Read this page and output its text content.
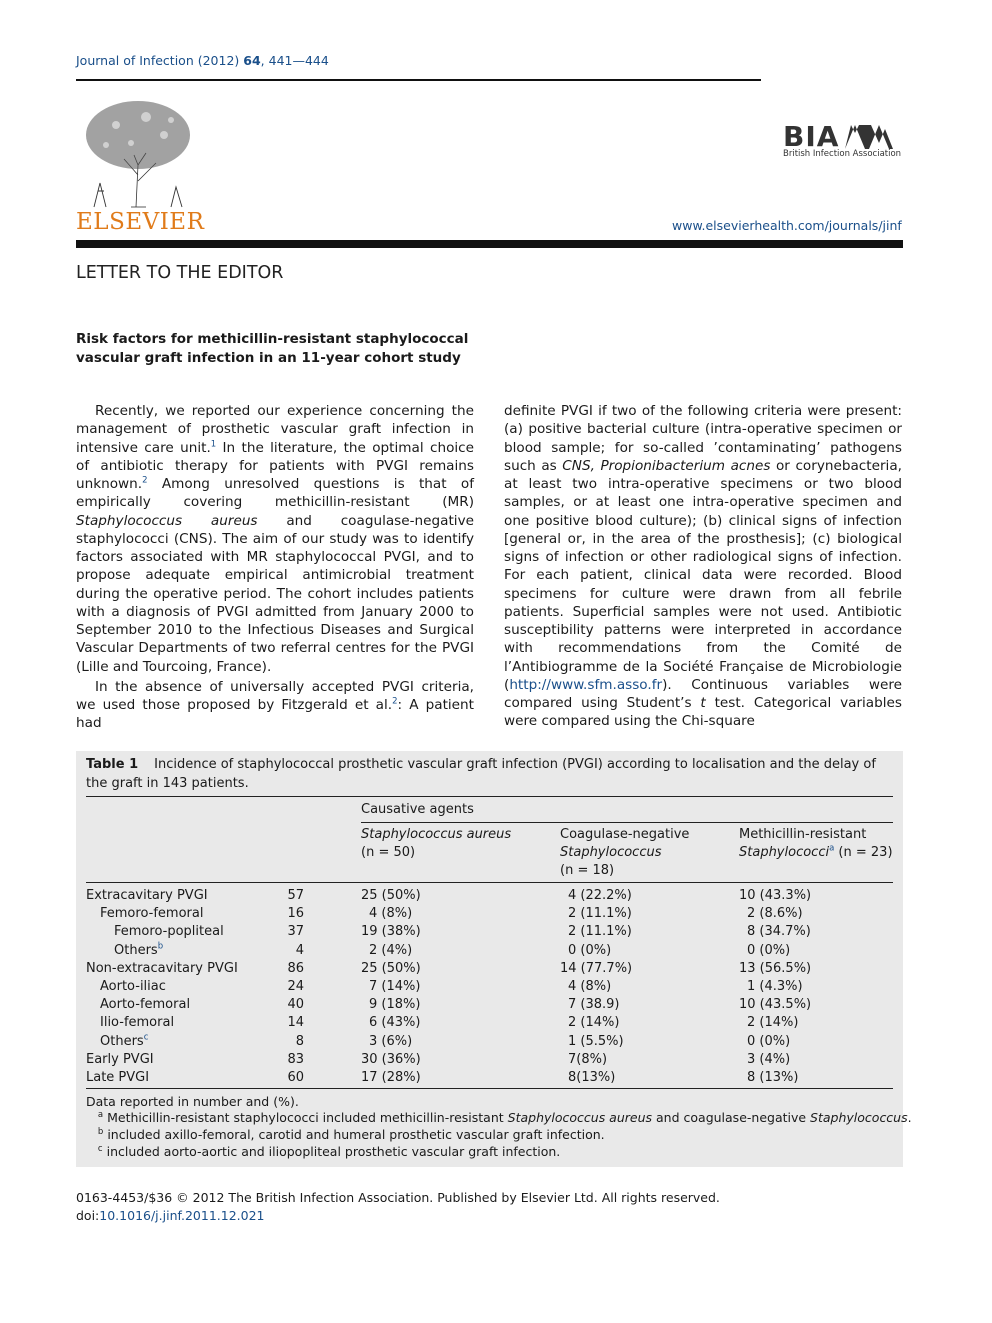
Journal of Infection (2012) 64, 441—444
ELSEVIER
BIA
British Infection Association
www.elsevierhealth.com/journals/jinf
LETTER TO THE EDITOR
Risk factors for methicillin-resistant staphylococcal vascular graft infection in an 11-year cohort study

Recently, we reported our experience concerning the management of prosthetic vascular graft infection in intensive care unit.$^1$ In the literature, the optimal choice of antibiotic therapy for patients with PVGI remains unknown.$^2$ Among unresolved questions is that of empirically covering methicillin-resistant (MR) Staphylococcus aureus and coagulase-negative staphylococci (CNS). The aim of our study was to identify factors associated with MR staphylococcal PVGI, and to propose adequate empirical antimicrobial treatment during the operative period. The cohort includes patients with a diagnosis of PVGI admitted from January 2000 to September 2010 to the Infectious Diseases and Surgical Vascular Departments of two referral centres for the PVGI (Lille and Tourcoing, France).

In the absence of universally accepted PVGI criteria, we used those proposed by Fitzgerald et al.$^2$: A patient had

definite PVGI if two of the following criteria were present: (a) positive bacterial culture (intra-operative specimen or blood sample; for so-called ’contaminating’ pathogens such as CNS, Propionibacterium acnes or corynebacteria, at least two intra-operative specimens or two blood samples, or at least one intra-operative specimen and one positive blood culture); (b) clinical signs of infection [general or, in the area of the prosthesis]; (c) biological signs of infection or other radiological signs of infection. For each patient, clinical data were recorded. Blood specimens for culture were drawn from all febrile patients. Superficial samples were not used. Antibiotic susceptibility patterns were interpreted in accordance with recommendations from the Comité de l’Antibiogramme de la Société Française de Microbiologie (http://www.sfm.asso.fr). Continuous variables were compared using Student’s t test. Categorical variables were compared using the Chi-square

Table 1 Incidence of staphylococcal prosthetic vascular graft infection (PVGI) according to localisation and the delay of the graft in 143 patients.
Causative agents
Staphylococcus aureus
(n = 50)
Coagulase-negative
Staphylococcus
(n = 18)
Methicillin-resistant
Staphylococci$^a$ (n = 23)
Extracavitary PVGI	57	25 (50%)	4 (22.2%)	10 (43.3%)
Femoro-femoral	16	4 (8%)	2 (11.1%)	2 (8.6%)
Femoro-popliteal	37	19 (38%)	2 (11.1%)	8 (34.7%)
Others$^b$	4	2 (4%)	0 (0%)	0 (0%)
Non-extracavitary PVGI	86	25 (50%)	14 (77.7%)	13 (56.5%)
Aorto-iliac	24	7 (14%)	4 (8%)	1 (4.3%)
Aorto-femoral	40	9 (18%)	7 (38.9)	10 (43.5%)
Ilio-femoral	14	6 (43%)	2 (14%)	2 (14%)
Others$^c$	8	3 (6%)	1 (5.5%)	0 (0%)
Early PVGI	83	30 (36%)	7(8%)	3 (4%)
Late PVGI	60	17 (28%)	8(13%)	8 (13%)
Data reported in number and (%).
$^a$ Methicillin-resistant staphylococci included methicillin-resistant Staphylococcus aureus and coagulase-negative Staphylococcus.
$^b$ included axillo-femoral, carotid and humeral prosthetic vascular graft infection.
$^c$ included aorto-aortic and iliopopliteal prosthetic vascular graft infection.
0163-4453/$36 © 2012 The British Infection Association. Published by Elsevier Ltd. All rights reserved.
doi:10.1016/j.jinf.2011.12.021
